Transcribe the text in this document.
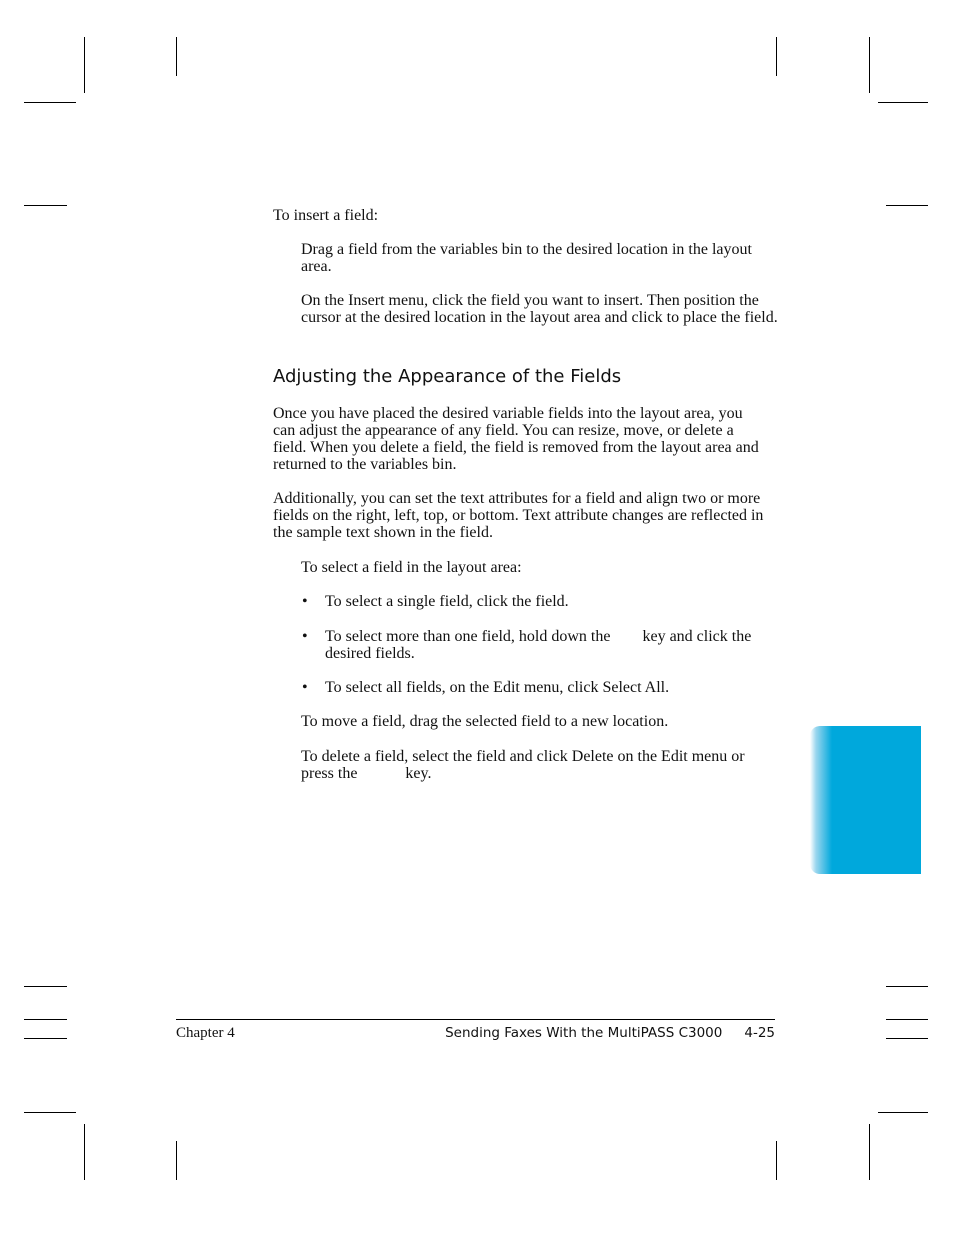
To insert a field:

Drag a field from the variables bin to the desired location in the layout area.

On the Insert menu, click the field you want to insert. Then position the cursor at the desired location in the layout area and click to place the field.

Adjusting the Appearance of the Fields

Once you have placed the desired variable fields into the layout area, you can adjust the appearance of any field. You can resize, move, or delete a field. When you delete a field, the field is removed from the layout area and returned to the variables bin.

Additionally, you can set the text attributes for a field and align two or more fields on the right, left, top, or bottom. Text attribute changes are reflected in the sample text shown in the field.

To select a field in the layout area:

• To select a single field, click the field.

• To select more than one field, hold down the        key and click the desired fields.

• To select all fields, on the Edit menu, click Select All.

To move a field, drag the selected field to a new location.

To delete a field, select the field and click Delete on the Edit menu or press the            key.

Chapter 4	Sending Faxes With the MultiPASS C3000 4-25
